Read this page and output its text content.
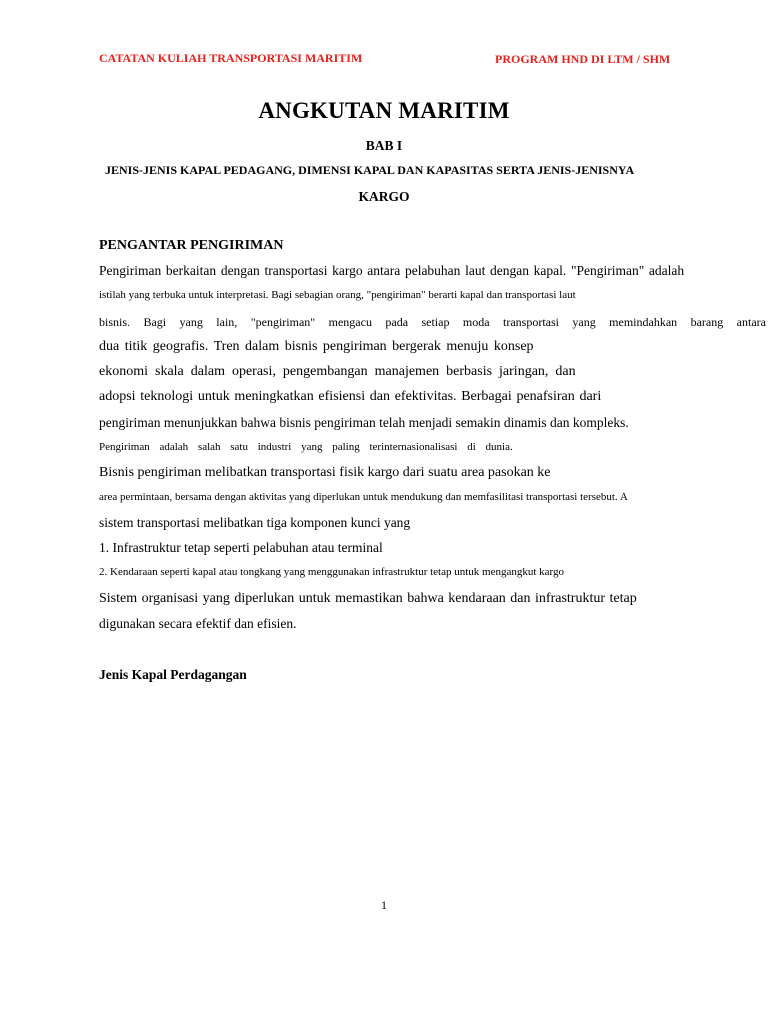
CATATAN KULIAH TRANSPORTASI MARITIM	PROGRAM HND DI LTM / SHM
ANGKUTAN MARITIM
BAB I
JENIS-JENIS KAPAL PEDAGANG, DIMENSI KAPAL DAN KAPASITAS SERTA JENIS-JENISNYA
KARGO
PENGANTAR PENGIRIMAN
Pengiriman berkaitan dengan transportasi kargo antara pelabuhan laut dengan kapal. "Pengiriman" adalah
istilah yang terbuka untuk interpretasi. Bagi sebagian orang, "pengiriman" berarti kapal dan transportasi laut
bisnis. Bagi yang lain, "pengiriman" mengacu pada setiap moda transportasi yang memindahkan barang antara
dua titik geografis. Tren dalam bisnis pengiriman bergerak menuju konsep
ekonomi skala dalam operasi, pengembangan manajemen berbasis jaringan, dan
adopsi teknologi untuk meningkatkan efisiensi dan efektivitas. Berbagai penafsiran dari
pengiriman menunjukkan bahwa bisnis pengiriman telah menjadi semakin dinamis dan kompleks.
Pengiriman adalah salah satu industri yang paling terinternasionalisasi di dunia.
Bisnis pengiriman melibatkan transportasi fisik kargo dari suatu area pasokan ke
area permintaan, bersama dengan aktivitas yang diperlukan untuk mendukung dan memfasilitasi transportasi tersebut. A
sistem transportasi melibatkan tiga komponen kunci yang
1. Infrastruktur tetap seperti pelabuhan atau terminal
2. Kendaraan seperti kapal atau tongkang yang menggunakan infrastruktur tetap untuk mengangkut kargo
Sistem organisasi yang diperlukan untuk memastikan bahwa kendaraan dan infrastruktur tetap
digunakan secara efektif dan efisien.
Jenis Kapal Perdagangan
1
